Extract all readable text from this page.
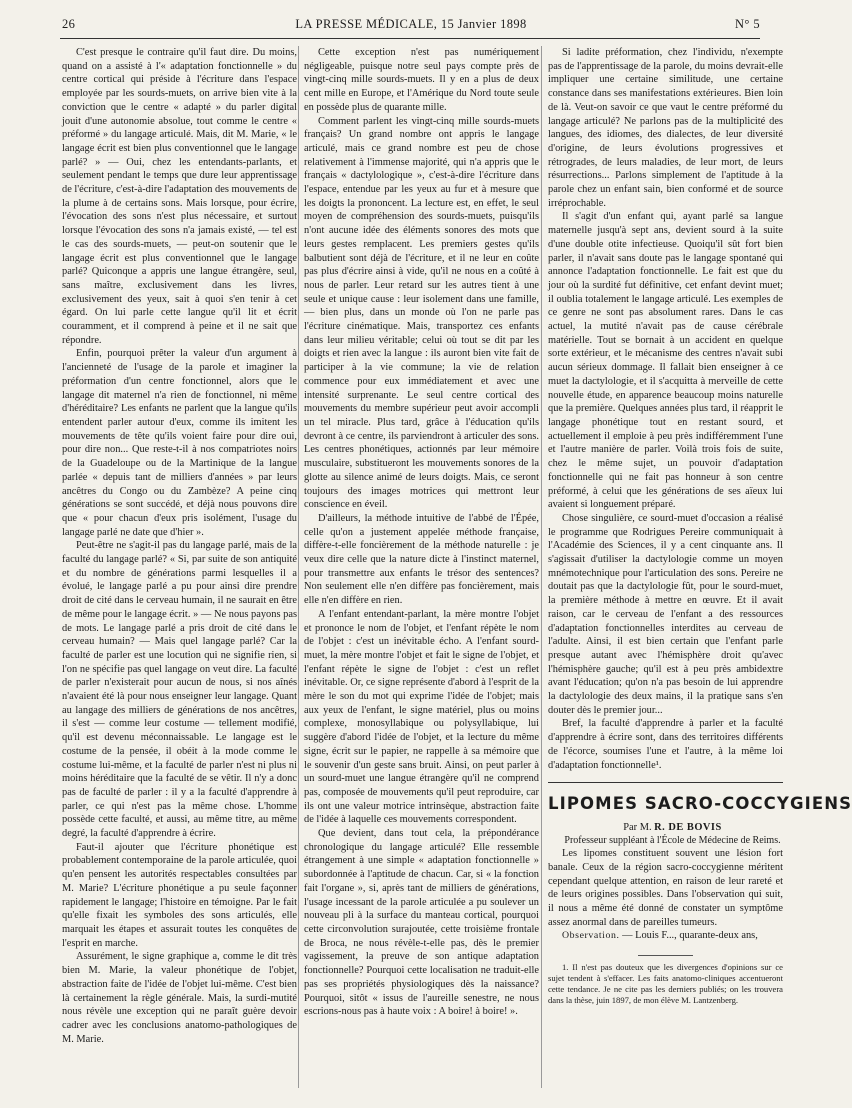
26	LA PRESSE MÉDICALE, 15 Janvier 1898	N° 5

C'est presque le contraire qu'il faut dire. Du moins, quand on a assisté à l'« adaptation fonctionnelle » du centre cortical qui préside à l'écriture dans l'espace employée par les sourds-muets, on arrive bien vite à la conviction que le centre « adapté » du parler digital jouit d'une autonomie absolue, tout comme le centre « préformé » du langage articulé. Mais, dit M. Marie, « le langage écrit est bien plus conventionnel que le langage parlé? » — Oui, chez les entendants-parlants, et seulement pendant le temps que dure leur apprentissage de l'écriture, c'est-à-dire l'adaptation des mouvements de la plume à de certains sons. Mais lorsque, pour écrire, l'évocation des sons n'est plus nécessaire, et surtout lorsque l'évocation des sons n'a jamais existé, — tel est le cas des sourds-muets, — peut-on soutenir que le langage écrit est plus conventionnel que le langage parlé? Quiconque a appris une langue étrangère, seul, sans maître, exclusivement dans les livres, exclusivement des yeux, sait à quoi s'en tenir à cet égard. On lui parle cette langue qu'il lit et écrit couramment, et il comprend à peine et il ne sait que répondre.

Enfin, pourquoi prêter la valeur d'un argument à l'ancienneté de l'usage de la parole et imaginer la préformation d'un centre fonctionnel, alors que le langage dit maternel n'a rien de fonctionnel, ni même d'héréditaire? Les enfants ne parlent que la langue qu'ils entendent parler autour d'eux, comme ils imitent les mouvements de tête qu'ils voient faire pour dire oui, pour dire non... Que reste-t-il à nos compatriotes noirs de la Guadeloupe ou de la Martinique de la langue parlée « depuis tant de milliers d'années » par leurs ancêtres du Congo ou du Zambèze? A peine cinq générations se sont succédé, et déjà nous pouvons dire que « pour chacun d'eux pris isolément, l'usage du langage parlé ne date que d'hier ».

Peut-être ne s'agit-il pas du langage parlé, mais de la faculté du langage parlé? « Si, par suite de son antiquité et du nombre de générations parmi lesquelles il a évolué, le langage parlé a pu pour ainsi dire prendre droit de cité dans le cerveau humain, il ne saurait en être de même pour le langage écrit. » — Ne nous payons pas de mots. Le langage parlé a pris droit de cité dans le cerveau humain? — Mais quel langage parlé? Car la faculté de parler est une locution qui ne signifie rien, si l'on ne spécifie pas quel langage on veut dire. La faculté de parler n'existerait pour aucun de nous, si nos aînés n'avaient été là pour nous enseigner leur langage. Quant au langage des milliers de générations de nos ancêtres, il s'est — comme leur costume — tellement modifié, qu'il est devenu méconnaissable. Le langage est le costume de la pensée, il obéit à la mode comme le costume lui-même, et la faculté de parler n'est ni plus ni moins héréditaire que la faculté de se vêtir. Il n'y a donc pas de faculté de parler : il y a la faculté d'apprendre à parler, ce qui n'est pas la même chose. L'homme possède cette faculté, et aussi, au même titre, au même degré, la faculté d'apprendre à écrire.

Faut-il ajouter que l'écriture phonétique est probablement contemporaine de la parole articulée, quoi qu'en pensent les autorités respectables consultées par M. Marie? L'écriture phonétique a pu seule façonner rapidement le langage; l'histoire en témoigne. Par le fait qu'elle fixait les symboles des sons articulés, elle marquait les étapes et assurait toutes les conquêtes de l'esprit en marche.

Assurément, le signe graphique a, comme le dit très bien M. Marie, la valeur phonétique de l'objet, abstraction faite de l'idée de l'objet lui-même. C'est bien là certainement la règle générale. Mais, la surdi-mutité nous révèle une exception qui ne paraît guère devoir cadrer avec les conclusions anatomo-pathologiques de M. Marie.

Cette exception n'est pas numériquement négligeable, puisque notre seul pays compte près de vingt-cinq mille sourds-muets. Il y en a plus de deux cent mille en Europe, et l'Amérique du Nord toute seule en possède plus de quarante mille.

Comment parlent les vingt-cinq mille sourds-muets français? Un grand nombre ont appris le langage articulé, mais ce grand nombre est peu de chose relativement à l'immense majorité, qui n'a appris que le français « dactylologique », c'est-à-dire l'écriture dans l'espace, entendue par les yeux au fur et à mesure que les doigts la prononcent. La lecture est, en effet, le seul moyen de compréhension des sourds-muets, puisqu'ils n'ont aucune idée des éléments sonores des mots que leurs gestes remplacent. Les premiers gestes qu'ils balbutient sont déjà de l'écriture, et il ne leur en coûte pas plus d'écrire ainsi à vide, qu'il ne nous en a coûté à nous de parler. Leur retard sur les autres tient à une seule et unique cause : leur isolement dans une famille, — bien plus, dans un monde où l'on ne parle pas l'écriture cinématique. Mais, transportez ces enfants dans leur milieu véritable; celui où tout se dit par les doigts et rien avec la langue : ils auront bien vite fait de participer à la vie commune; la vie de relation commence pour eux immédiatement et avec une intensité surprenante. Le seul centre cortical des mouvements du membre supérieur peut avoir accompli un tel miracle. Plus tard, grâce à l'éducation qu'ils devront à ce centre, ils parviendront à articuler des sons. Les centres phonétiques, actionnés par leur mémoire musculaire, substitueront les mouvements sonores de la glotte au silence animé de leurs doigts. Mais, ce seront toujours des images motrices qui mettront leur conscience en éveil.

D'ailleurs, la méthode intuitive de l'abbé de l'Épée, celle qu'on a justement appelée méthode française, diffère-t-elle foncièrement de la méthode naturelle : je veux dire celle que la nature dicte à l'instinct maternel, pour transmettre aux enfants le trésor des sentences? Non seulement elle n'en diffère pas foncièrement, mais elle n'en diffère en rien.

A l'enfant entendant-parlant, la mère montre l'objet et prononce le nom de l'objet, et l'enfant répète le nom de l'objet : c'est un inévitable écho. A l'enfant sourd-muet, la mère montre l'objet et fait le signe de l'objet, et l'enfant répète le signe de l'objet : c'est un reflet inévitable. Or, ce signe représente d'abord à l'esprit de la mère le son du mot qui exprime l'idée de l'objet; mais aux yeux de l'enfant, le signe matériel, plus ou moins complexe, monosyllabique ou polysyllabique, lui suggère d'abord l'idée de l'objet, et la lecture du même signe, écrit sur le papier, ne rappelle à sa mémoire que le souvenir d'un geste sans bruit. Ainsi, on peut parler à un sourd-muet une langue étrangère qu'il ne comprend pas, composée de mouvements qu'il peut reproduire, car ils ont une valeur motrice intrinsèque, abstraction faite de l'idée à laquelle ces mouvements correspondent.

Que devient, dans tout cela, la prépondérance chronologique du langage articulé? Elle ressemble étrangement à une simple « adaptation fonctionnelle » subordonnée à l'aptitude de chacun. Car, si « la fonction fait l'organe », si, après tant de milliers de générations, l'usage incessant de la parole articulée a pu soulever un nouveau pli à la surface du manteau cortical, pourquoi cette circonvolution surajoutée, cette troisième frontale de Broca, ne nous révèle-t-elle pas, dès le premier vagissement, la preuve de son antique adaptation fonctionnelle? Pourquoi cette localisation ne traduit-elle pas ses propriétés physiologiques dès la naissance? Pourquoi, sitôt « issus de l'aureille senestre, ne nous escrions-nous pas à haute voix : A boire! à boire! ».

Si ladite préformation, chez l'individu, n'exempte pas de l'apprentissage de la parole, du moins devrait-elle impliquer une certaine similitude, une certaine constance dans ses manifestations extérieures. Bien loin de là. Veut-on savoir ce que vaut le centre préformé du langage articulé? Ne parlons pas de la multiplicité des langues, des idiomes, des dialectes, de leur diversité d'origine, de leurs évolutions progressives et rétrogrades, de leurs maladies, de leur mort, de leurs résurrections... Parlons simplement de l'aptitude à la parole chez un enfant sain, bien conformé et de source irréprochable.

Il s'agit d'un enfant qui, ayant parlé sa langue maternelle jusqu'à sept ans, devient sourd à la suite d'une double otite infectieuse. Quoiqu'il sût fort bien parler, il n'avait sans doute pas le langage spontané qui annonce l'adaptation fonctionnelle. Le fait est que du jour où la surdité fut définitive, cet enfant devint muet; il oublia totalement le langage articulé. Les exemples de ce genre ne sont pas absolument rares. Dans le cas actuel, la mutité n'avait pas de cause cérébrale matérielle. Tout se bornait à un accident en quelque sorte extérieur, et le mécanisme des centres n'avait subi aucun sérieux dommage. Il fallait bien enseigner à ce muet la dactylologie, et il s'acquitta à merveille de cette nouvelle étude, en apparence beaucoup moins naturelle que la première. Quelques années plus tard, il réapprit le langage phonétique tout en restant sourd, et actuellement il emploie à peu près indifféremment l'une et l'autre manière de parler. Voilà trois fois de suite, chez le même sujet, un pouvoir d'adaptation fonctionnelle qui ne fait pas honneur à son centre préformé, à celui que les générations de ses aïeux lui avaient si longuement préparé.

Chose singulière, ce sourd-muet d'occasion a réalisé le programme que Rodrigues Pereire communiquait à l'Académie des Sciences, il y a cent cinquante ans. Il s'agissait d'utiliser la dactylologie comme un moyen mnémotechnique pour l'articulation des sons. Pereire ne doutait pas que la dactylologie fût, pour le sourd-muet, la première méthode à mettre en œuvre. Et il avait raison, car le cerveau de l'enfant a des ressources d'adaptation fonctionnelles interdites au cerveau de l'adulte. Ainsi, il est bien certain que l'enfant parle presque autant avec l'hémisphère droit qu'avec l'hémisphère gauche; qu'il est à peu près ambidextre avant l'éducation; qu'on n'a pas besoin de lui apprendre la dactylologie des deux mains, il la pratique sans s'en douter dès le premier jour...

Bref, la faculté d'apprendre à parler et la faculté d'apprendre à écrire sont, dans des territoires différents de l'écorce, soumises l'une et l'autre, à la même loi d'adaptation fonctionnelle¹.

LIPOMES SACRO-COCCYGIENS

Par M. R. DE BOVIS

Professeur suppléant à l'École de Médecine de Reims.

Les lipomes constituent souvent une lésion fort banale. Ceux de la région sacro-coccygienne méritent cependant quelque attention, en raison de leur rareté et de leurs origines possibles. Dans l'observation qui suit, il nous a même été donné de constater un symptôme assez anormal dans de pareilles tumeurs.

Observation. — Louis F..., quarante-deux ans,

1. Il n'est pas douteux que les divergences d'opinions sur ce sujet tendent à s'effacer. Les faits anatomo-cliniques accentueront cette tendance. Je ne cite pas les derniers publiés; on les trouvera dans la thèse, juin 1897, de mon élève M. Lantzenberg.
